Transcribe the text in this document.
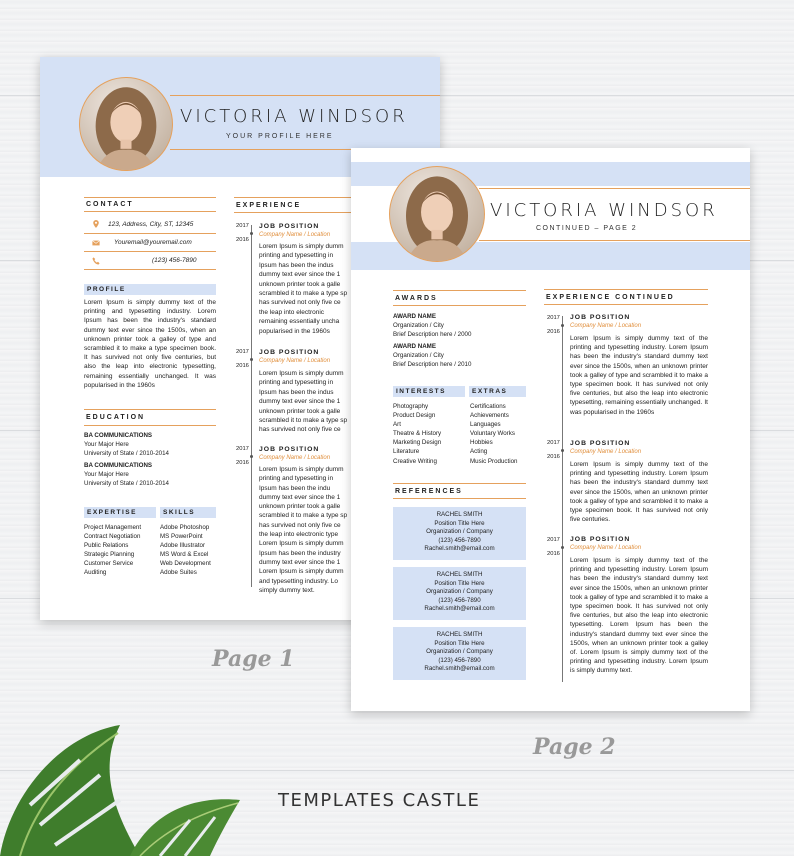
VICTORIA WINDSOR
YOUR PROFILE HERE
CONTACT
123, Address, City, ST, 12345
Youremail@youremail.com
(123) 456-7890
PROFILE
Lorem Ipsum is simply dummy text of the printing and typesetting industry. Lorem Ipsum has been the industry's standard dummy text ever since the 1500s, when an unknown printer took a galley of type and scrambled it to make a type specimen book. It has survived not only five centuries, but also the leap into electronic typesetting, remaining essentially unchanged. It was popularised in the 1960s
EDUCATION
BA COMMUNICATIONS
Your Major Here
University of State / 2010-2014
BA COMMUNICATIONS
Your Major Here
University of State / 2010-2014
EXPERTISE	SKILLS
Project Management
Contract Negotiation
Public Relations
Strategic Planning
Customer Service
Auditing
Adobe Photoshop
MS PowerPoint
Adobe Illustrator
MS Word & Excel
Web Development
Adobe Suites
EXPERIENCE
2017
2016
JOB POSITION
Company Name / Location
Lorem Ipsum is simply dumm
printing and typesetting in
Ipsum has been the indus
dummy text ever since the 1
unknown printer took a galle
scrambled it to make a type sp
has survived not only five ce
the leap into electronic
remaining essentially uncha
popularised in the 1960s
2017
2016
JOB POSITION
Company Name / Location
Lorem Ipsum is simply dumm
printing and typesetting in
Ipsum has been the indus
dummy text ever since the 1
unknown printer took a galle
scrambled it to make a type sp
has survived not only five ce
2017
2016
JOB POSITION
Company Name / Location
Lorem Ipsum is simply dumm
printing and typesetting in
Ipsum has been the indu
dummy text ever since the 1
unknown printer took a galle
scrambled it to make a type sp
has survived not only five ce
the leap into electronic type
Lorem Ipsum is simply dumm
Ipsum has been the industry
dummy text ever since the 1
Lorem Ipsum is simply dumm
and typesetting industry. Lo
simply dummy text.
VICTORIA WINDSOR
CONTINUED – PAGE 2
AWARDS
AWARD NAME
Organization / City
Brief Description here / 2000
AWARD NAME
Organization / City
Brief Description here / 2010
INTERESTS	EXTRAS
Photography
Product Design
Art
Theatre & History
Marketing Design
Literature
Creative Writing
Certifications
Achievements
Languages
Voluntary Works
Hobbies
Acting
Music Production
REFERENCES
RACHEL SMITH
Position Title Here
Organization / Company
(123) 456-7890
Rachel.smith@email.com
RACHEL SMITH
Position Title Here
Organization / Company
(123) 456-7890
Rachel.smith@email.com
RACHEL SMITH
Position Title Here
Organization / Company
(123) 456-7890
Rachel.smith@email.com
EXPERIENCE CONTINUED
2017
2016
JOB POSITION
Company Name / Location
Lorem Ipsum is simply dummy text of the printing and typesetting industry. Lorem Ipsum has been the industry's standard dummy text ever since the 1500s, when an unknown printer took a galley of type and scrambled it to make a type specimen book. It has survived not only five centuries, but also the leap into electronic typesetting, remaining essentially unchanged. It was popularised in the 1960s
2017
2016
JOB POSITION
Company Name / Location
Lorem Ipsum is simply dummy text of the printing and typesetting industry. Lorem Ipsum has been the industry's standard dummy text ever since the 1500s, when an unknown printer took a galley of type and scrambled it to make a type specimen book. It has survived not only five centuries.
2017
2016
JOB POSITION
Company Name / Location
Lorem Ipsum is simply dummy text of the printing and typesetting industry. Lorem Ipsum has been the industry's standard dummy text ever since the 1500s, when an unknown printer took a galley of type and scrambled it to make a type specimen book. It has survived not only five centuries, but also the leap into electronic typesetting. Lorem Ipsum has been the industry's standard dummy text ever since the 1500s, when an unknown printer took a galley of. Lorem Ipsum is simply dummy text of the printing and typesetting industry. Lorem Ipsum is simply dummy text.
Page 1
Page 2
TEMPLATES CASTLE
